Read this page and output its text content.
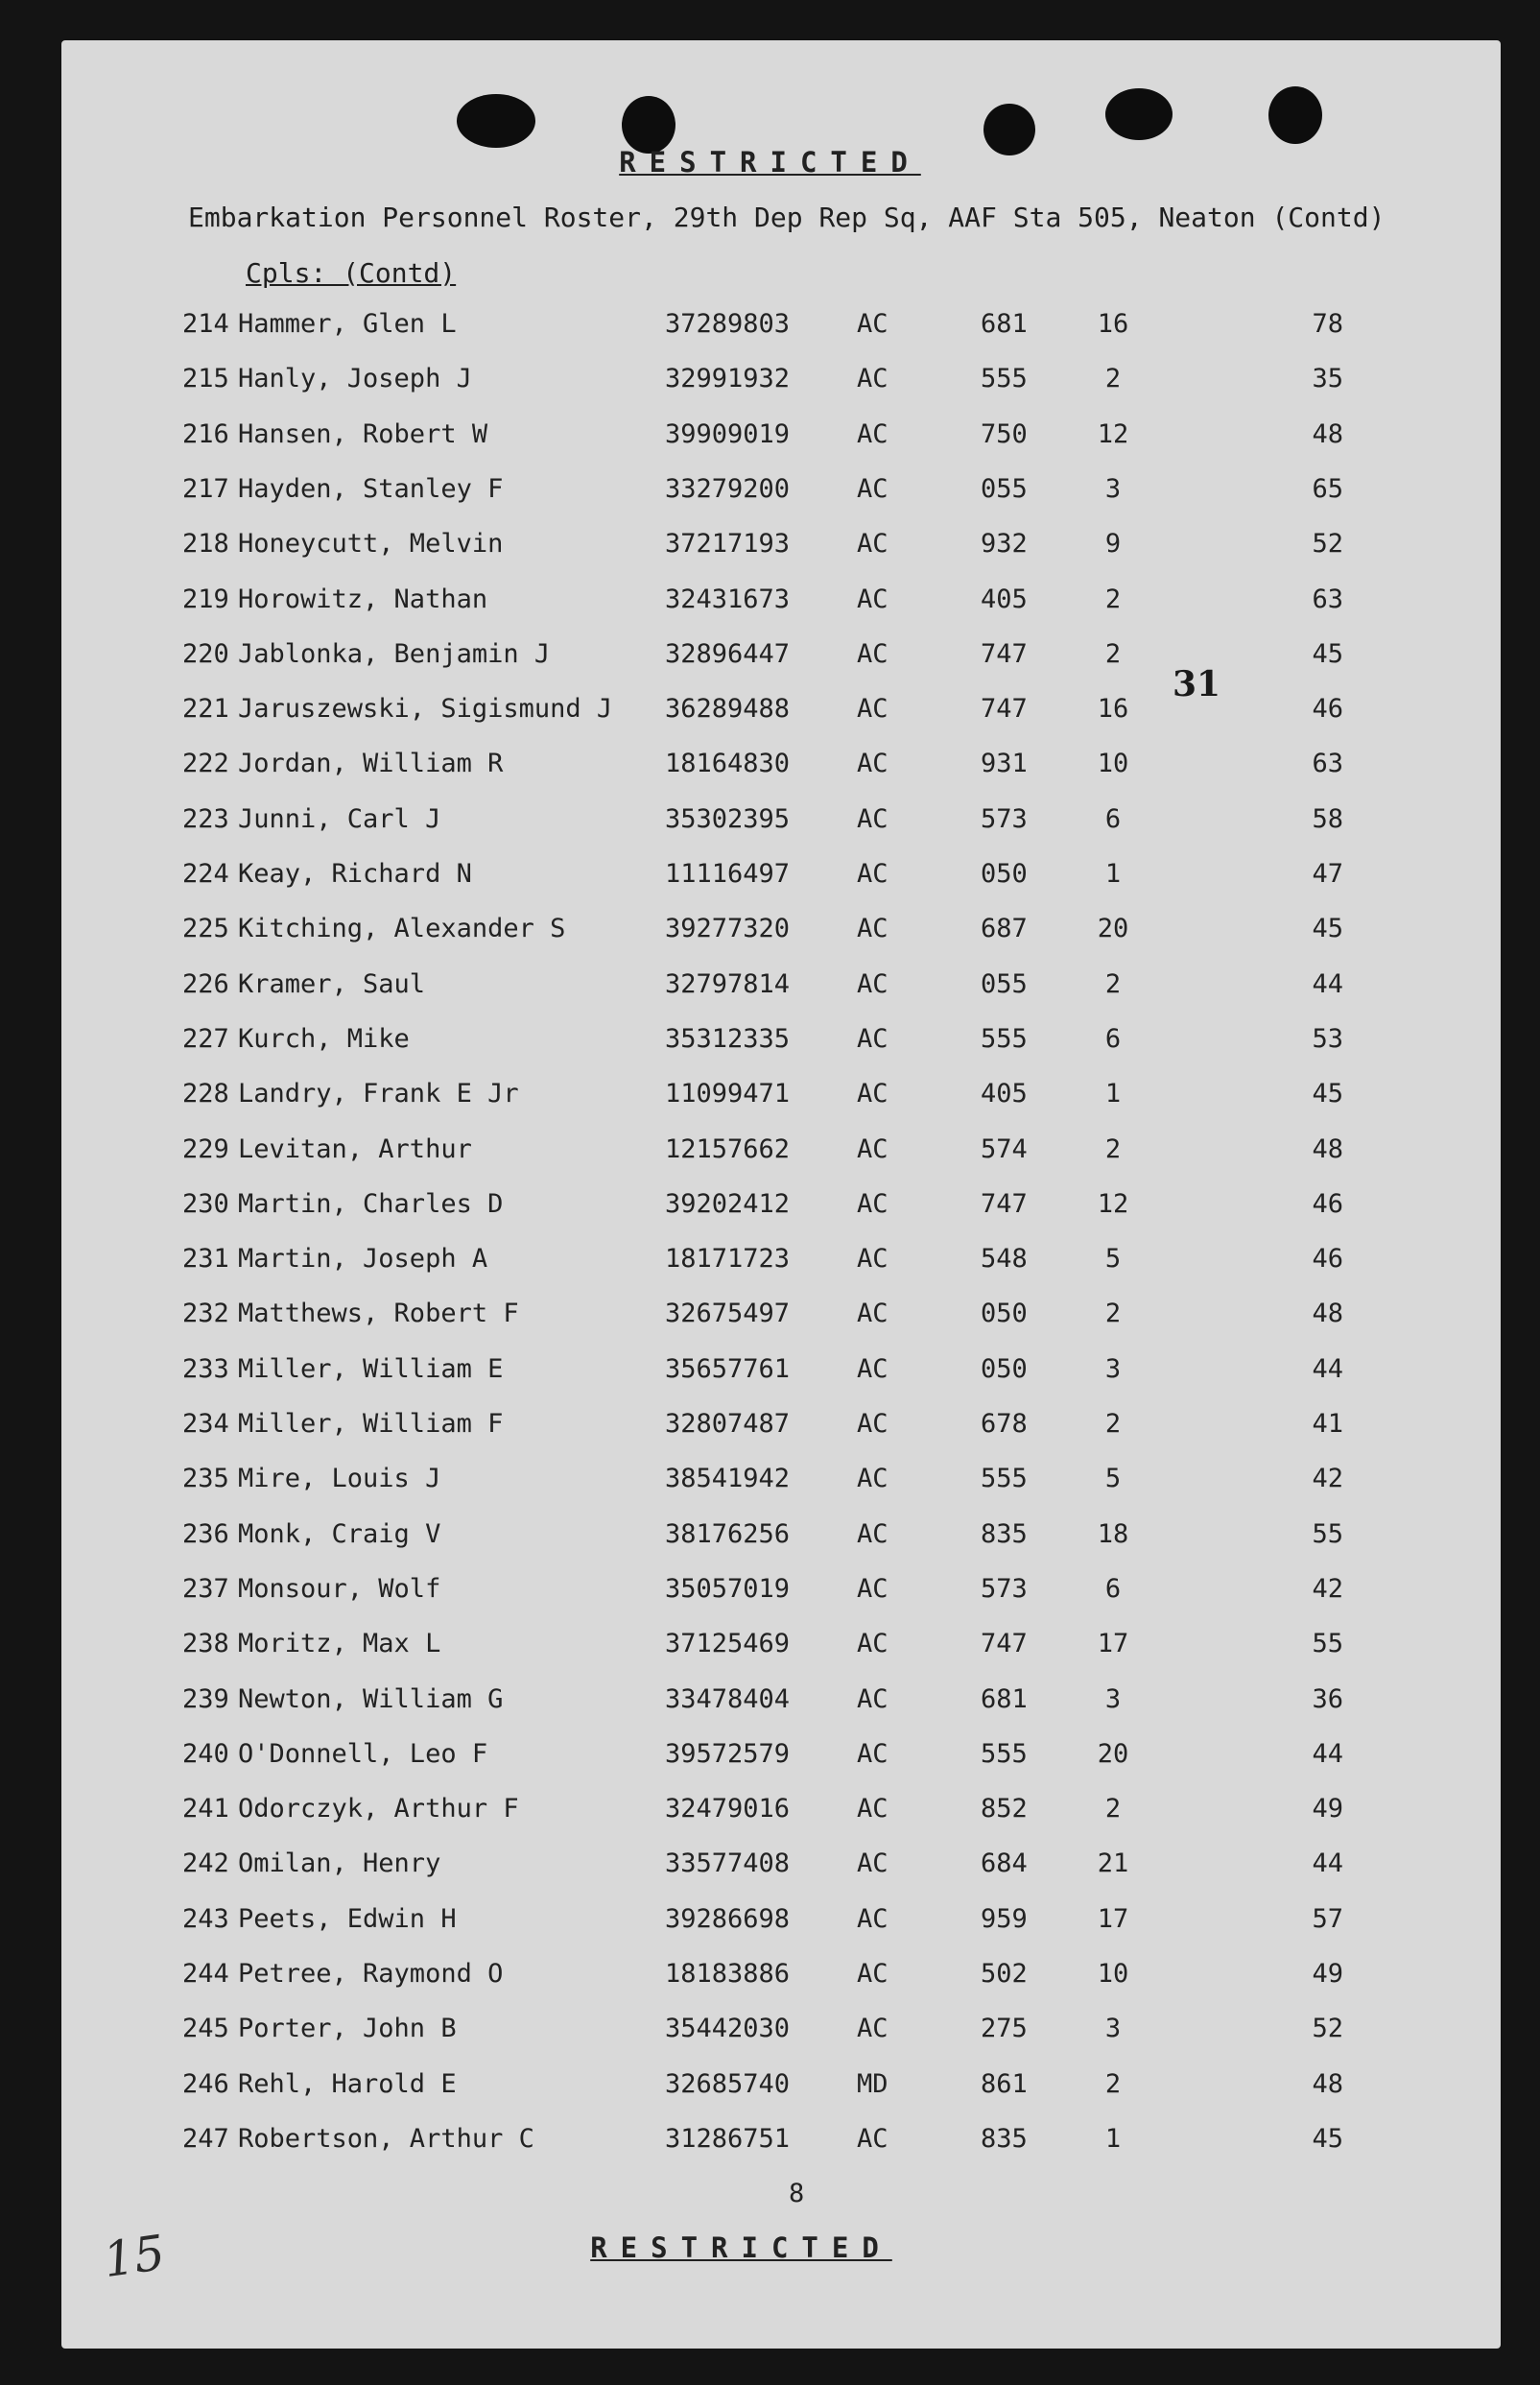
RESTRICTED
Embarkation Personnel Roster, 29th Dep Rep Sq, AAF Sta 505, Neaton (Contd)
Cpls: (Contd)
214 Hammer, Glen L	37289803	AC	681	16	78
215 Hanly, Joseph J	32991932	AC	555	2	35
216 Hansen, Robert W	39909019	AC	750	12	48
217 Hayden, Stanley F	33279200	AC	055	3	65
218 Honeycutt, Melvin	37217193	AC	932	9	52
219 Horowitz, Nathan	32431673	AC	405	2	63
220 Jablonka, Benjamin J	32896447	AC	747	2	45
221 Jaruszewski, Sigismund J 36289488	AC	747	16	46
222 Jordan, William R	18164830	AC	931	10	63
223 Junni, Carl J	35302395	AC	573	6	58
224 Keay, Richard N	11116497	AC	050	1	47
225 Kitching, Alexander S	39277320	AC	687	20	45
226 Kramer, Saul	32797814	AC	055	2	44
227 Kurch, Mike	35312335	AC	555	6	53
228 Landry, Frank E Jr	11099471	AC	405	1	45
229 Levitan, Arthur	12157662	AC	574	2	48
230 Martin, Charles D	39202412	AC	747	12	46
231 Martin, Joseph A	18171723	AC	548	5	46
232 Matthews, Robert F	32675497	AC	050	2	48
233 Miller, William E	35657761	AC	050	3	44
234 Miller, William F	32807487	AC	678	2	41
235 Mire, Louis J	38541942	AC	555	5	42
236 Monk, Craig V	38176256	AC	835	18	55
237 Monsour, Wolf	35057019	AC	573	6	42
238 Moritz, Max L	37125469	AC	747	17	55
239 Newton, William G	33478404	AC	681	3	36
240 O'Donnell, Leo F	39572579	AC	555	20	44
241 Odorczyk, Arthur F	32479016	AC	852	2	49
242 Omilan, Henry	33577408	AC	684	21	44
243 Peets, Edwin H	39286698	AC	959	17	57
244 Petree, Raymond O	18183886	AC	502	10	49
245 Porter, John B	35442030	AC	275	3	52
246 Rehl, Harold E	32685740	MD	861	2	48
247 Robertson, Arthur C	31286751	AC	835	1	45
31
8
RESTRICTED
15
